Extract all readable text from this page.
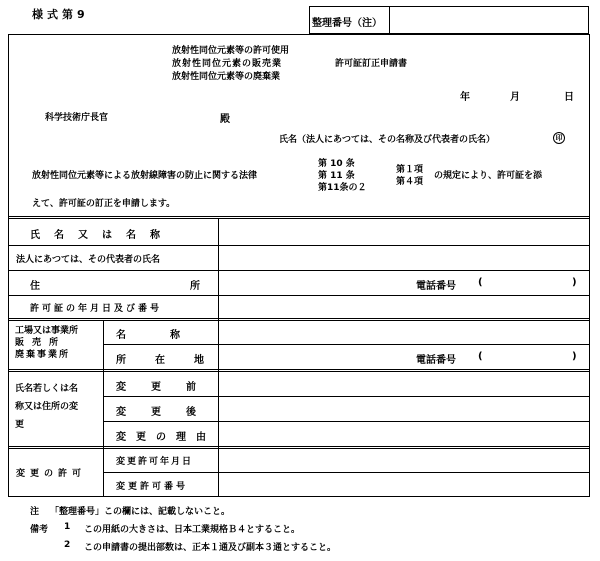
様式第9
整理番号（注）
放射性同位元素等の許可使用
放射性同位元素の販売業
放射性同位元素等の廃棄業
許可証訂正申請書
年	月	日
科学技術庁長官	殿
氏名（法人にあつては、その名称及び代表者の氏名）	印
放射性同位元素等による放射線障害の防止に関する法律
第 10 条
第 11 条
第11条の２
第１項
第４項
の規定により、許可証を添
えて、許可証の訂正を申請します。
氏名又は名称
法人にあつては、その代表者の氏名
住所	電話番号 (	)
許可証の年月日及び番号
工場又は事業所
販売所
廃棄事業所
名称
所在地	電話番号 (	)
氏名若しくは名
称又は住所の変
更
変更前
変更後
変更の理由
変更の許可
変更許可年月日
変更許可番号
注 「整理番号」この欄には、記載しないこと。
備考 1 この用紙の大きさは、日本工業規格Ｂ４とすること。
2 この申請書の提出部数は、正本１通及び副本３通とすること。
